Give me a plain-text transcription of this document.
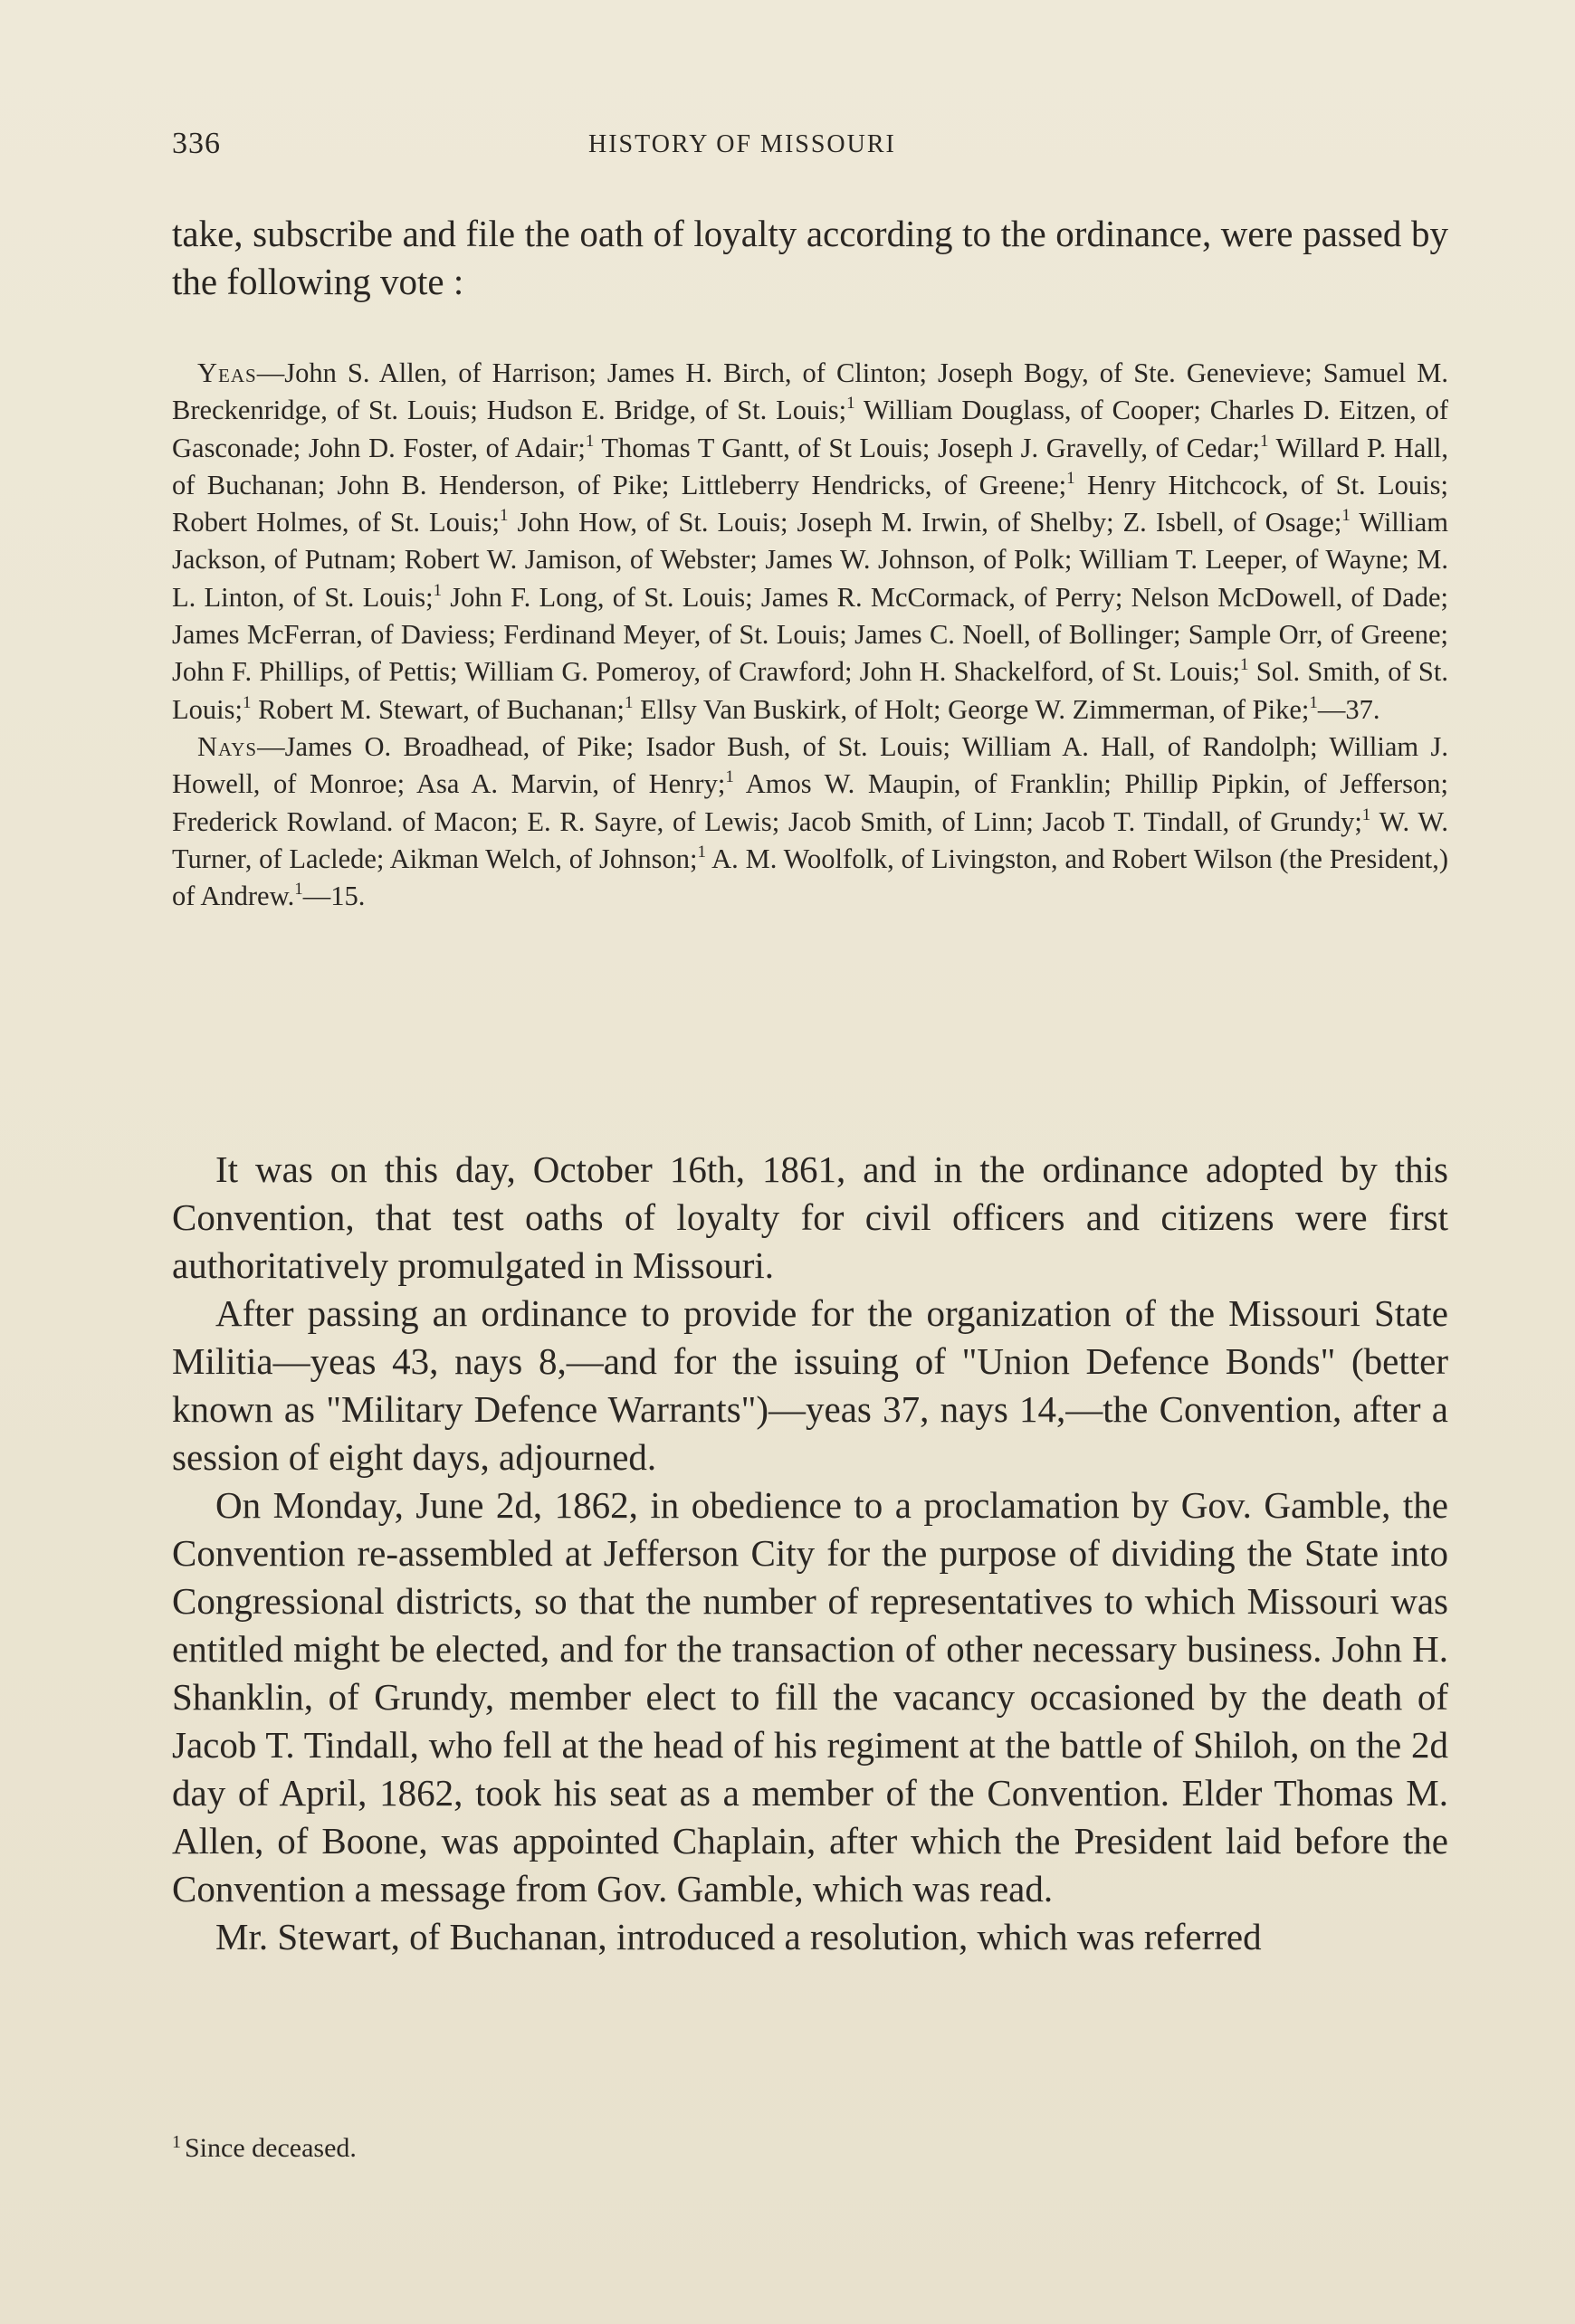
336	HISTORY OF MISSOURI

take, subscribe and file the oath of loyalty according to the ordinance, were passed by the following vote :

Yeas—John S. Allen, of Harrison; James H. Birch, of Clinton; Joseph Bogy, of Ste. Genevieve; Samuel M. Breckenridge, of St. Louis; Hudson E. Bridge, of St. Louis;$^1$ William Douglass, of Cooper; Charles D. Eitzen, of Gasconade; John D. Foster, of Adair;$^1$ Thomas T Gantt, of St Louis; Joseph J. Gravelly, of Cedar;$^1$ Willard P. Hall, of Buchanan; John B. Henderson, of Pike; Littleberry Hendricks, of Greene;$^1$ Henry Hitchcock, of St. Louis; Robert Holmes, of St. Louis;$^1$ John How, of St. Louis; Joseph M. Irwin, of Shelby; Z. Isbell, of Osage;$^1$ William Jackson, of Putnam; Robert W. Jamison, of Webster; James W. Johnson, of Polk; William T. Leeper, of Wayne; M. L. Linton, of St. Louis;$^1$ John F. Long, of St. Louis; James R. McCormack, of Perry; Nelson McDowell, of Dade; James McFerran, of Daviess; Ferdinand Meyer, of St. Louis; James C. Noell, of Bollinger; Sample Orr, of Greene; John F. Phillips, of Pettis; William G. Pomeroy, of Crawford; John H. Shackelford, of St. Louis;$^1$ Sol. Smith, of St. Louis;$^1$ Robert M. Stewart, of Buchanan;$^1$ Ellsy Van Buskirk, of Holt; George W. Zimmerman, of Pike;$^1$—37.

Nays—James O. Broadhead, of Pike; Isador Bush, of St. Louis; William A. Hall, of Randolph; William J. Howell, of Monroe; Asa A. Marvin, of Henry;$^1$ Amos W. Maupin, of Franklin; Phillip Pipkin, of Jefferson; Frederick Rowland. of Macon; E. R. Sayre, of Lewis; Jacob Smith, of Linn; Jacob T. Tindall, of Grundy;$^1$ W. W. Turner, of Laclede; Aikman Welch, of Johnson;$^1$ A. M. Woolfolk, of Livingston, and Robert Wilson (the President,) of Andrew.$^1$—15.

It was on this day, October 16th, 1861, and in the ordinance adopted by this Convention, that test oaths of loyalty for civil officers and citizens were first authoritatively promulgated in Missouri.

After passing an ordinance to provide for the organization of the Missouri State Militia—yeas 43, nays 8,—and for the issuing of "Union Defence Bonds" (better known as "Military Defence Warrants")—yeas 37, nays 14,—the Convention, after a session of eight days, adjourned.

On Monday, June 2d, 1862, in obedience to a proclamation by Gov. Gamble, the Convention re-assembled at Jefferson City for the purpose of dividing the State into Congressional districts, so that the number of representatives to which Missouri was entitled might be elected, and for the transaction of other necessary business. John H. Shanklin, of Grundy, member elect to fill the vacancy occasioned by the death of Jacob T. Tindall, who fell at the head of his regiment at the battle of Shiloh, on the 2d day of April, 1862, took his seat as a member of the Convention. Elder Thomas M. Allen, of Boone, was appointed Chaplain, after which the President laid before the Convention a message from Gov. Gamble, which was read.

Mr. Stewart, of Buchanan, introduced a resolution, which was referred

$^1$ Since deceased.
